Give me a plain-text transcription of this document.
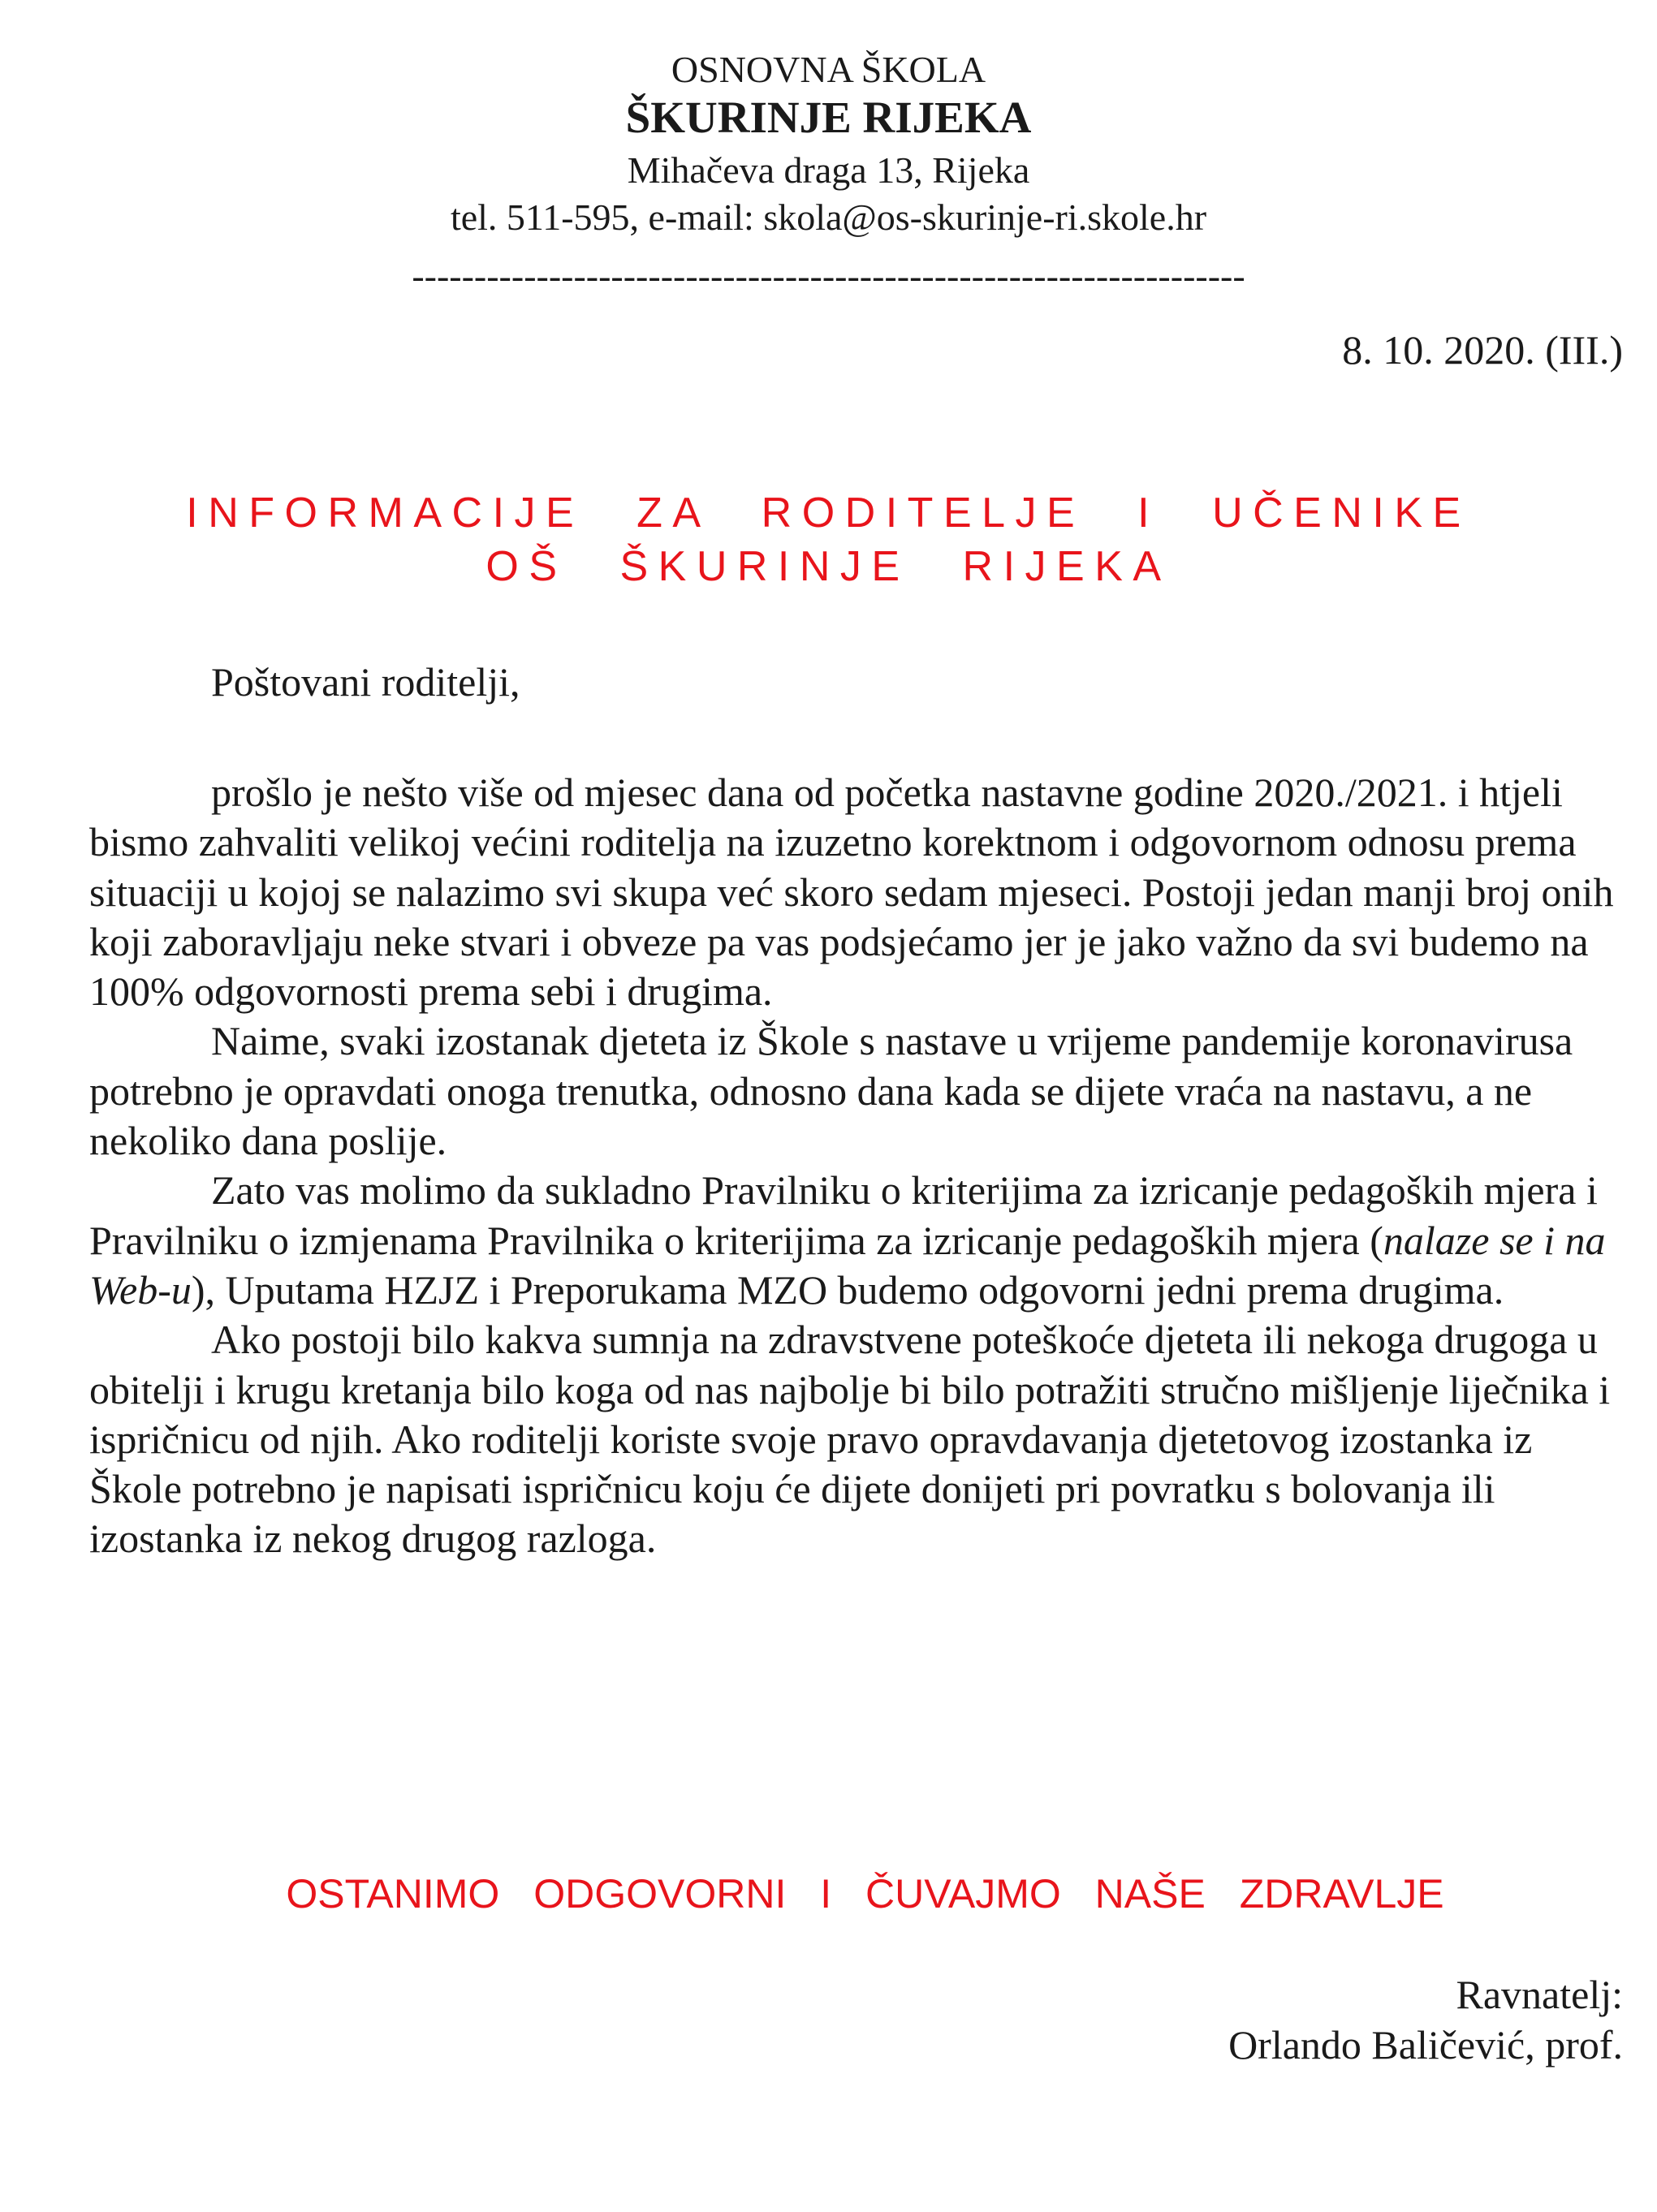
OSNOVNA ŠKOLA
ŠKURINJE RIJEKA
Mihačeva draga 13, Rijeka
tel. 511-595, e-mail: skola@os-skurinje-ri.skole.hr
-------------------------------------------------------------------
8. 10. 2020. (III.)
INFORMACIJE ZA RODITELJE I UČENIKE
OŠ ŠKURINJE RIJEKA
Poštovani roditelji,

prošlo je nešto više od mjesec dana od početka nastavne godine 2020./2021. i htjeli bismo zahvaliti velikoj većini roditelja na izuzetno korektnom i odgovornom odnosu prema situaciji u kojoj se nalazimo svi skupa već skoro sedam mjeseci. Postoji jedan manji broj onih koji zaboravljaju neke stvari i obveze pa vas podsjećamo jer je jako važno da svi budemo na 100% odgovornosti prema sebi i drugima.

Naime, svaki izostanak djeteta iz Škole s nastave u vrijeme pandemije koronavirusa potrebno je opravdati onoga trenutka, odnosno dana kada se dijete vraća na nastavu, a ne nekoliko dana poslije.

Zato vas molimo da sukladno Pravilniku o kriterijima za izricanje pedagoških mjera i Pravilniku o izmjenama Pravilnika o kriterijima za izricanje pedagoških mjera (nalaze se i na Web-u), Uputama HZJZ i Preporukama MZO budemo odgovorni jedni prema drugima.

Ako postoji bilo kakva sumnja na zdravstvene poteškoće djeteta ili nekoga drugoga u obitelji i krugu kretanja bilo koga od nas najbolje bi bilo potražiti stručno mišljenje liječnika i ispričnicu od njih. Ako roditelji koriste svoje pravo opravdavanja djetetovog izostanka iz Škole potrebno je napisati ispričnicu koju će dijete donijeti pri povratku s bolovanja ili izostanka iz nekog drugog razloga.

OSTANIMO ODGOVORNI I ČUVAJMO NAŠE ZDRAVLJE
Ravnatelj:
Orlando Baličević, prof.
